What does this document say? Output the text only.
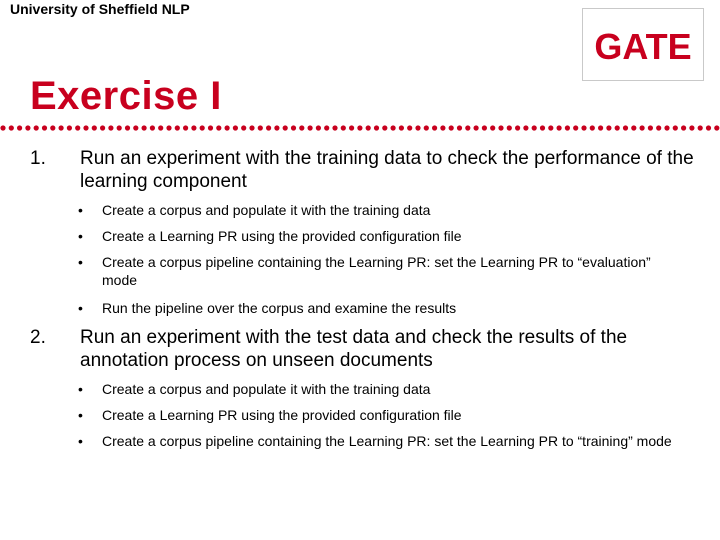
University of Sheffield NLP
GATE
Exercise I
1. Run an experiment with the training data to check the performance of the learning component
• Create a corpus and populate it with the training data
• Create a Learning PR using the provided configuration file
• Create a corpus pipeline containing the Learning PR: set the Learning PR to “evaluation” mode
• Run the pipeline over the corpus and examine the results
2. Run an experiment with the test data and check the results of the annotation process on unseen documents
• Create a corpus and populate it with the training data
• Create a Learning PR using the provided configuration file
• Create a corpus pipeline containing the Learning PR: set the Learning PR to “training” mode
